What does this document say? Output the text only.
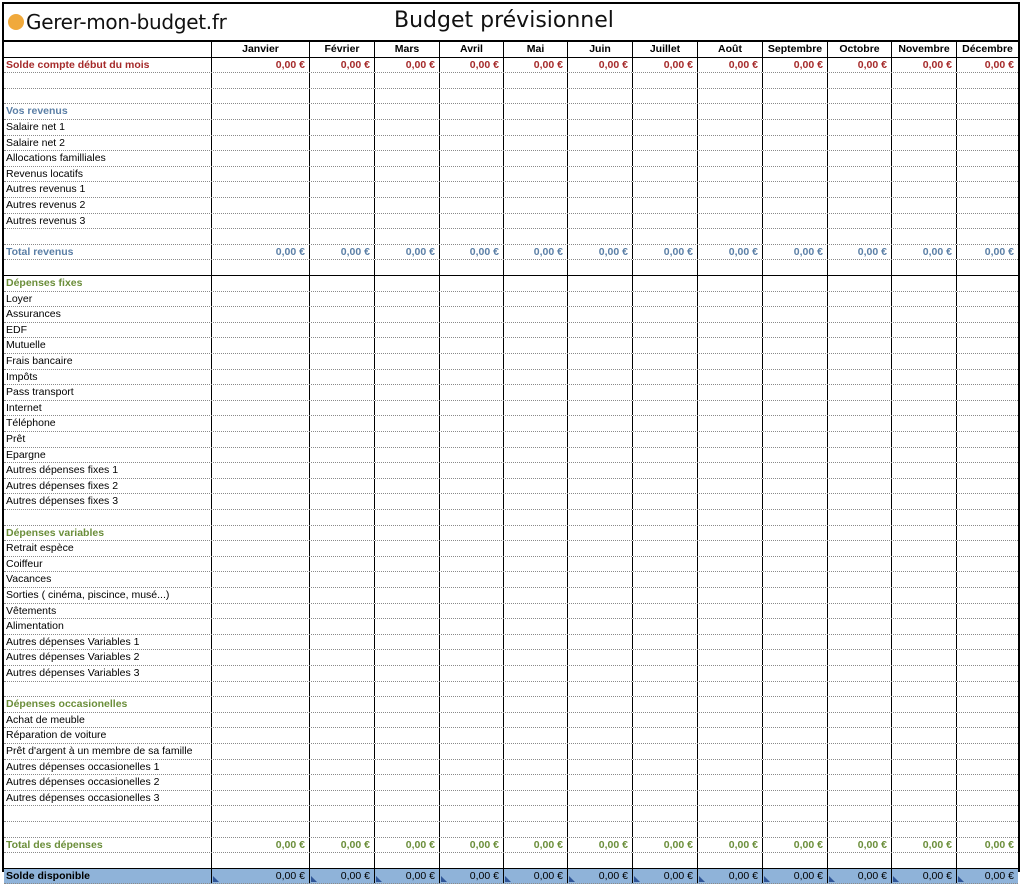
Gerer-mon-budget.fr	Budget prévisionnel
Janvier	Février	Mars	Avril	Mai	Juin	Juillet	Août	Septembre	Octobre	Novembre	Décembre
Solde compte début du mois	0,00 €	0,00 €	0,00 €	0,00 €	0,00 €	0,00 €	0,00 €	0,00 €	0,00 €	0,00 €	0,00 €	0,00 €
Vos revenus
Salaire net 1
Salaire net 2
Allocations familliales
Revenus locatifs
Autres revenus 1
Autres revenus 2
Autres revenus 3
Total revenus	0,00 €	0,00 €	0,00 €	0,00 €	0,00 €	0,00 €	0,00 €	0,00 €	0,00 €	0,00 €	0,00 €	0,00 €
Dépenses fixes
Loyer
Assurances
EDF
Mutuelle
Frais bancaire
Impôts
Pass transport
Internet
Téléphone
Prêt
Epargne
Autres dépenses fixes 1
Autres dépenses fixes 2
Autres dépenses fixes 3
Dépenses variables
Retrait espèce
Coiffeur
Vacances
Sorties ( cinéma, piscince, musé...)
Vêtements
Alimentation
Autres dépenses Variables 1
Autres dépenses Variables 2
Autres dépenses Variables 3
Dépenses occasionelles
Achat de meuble
Réparation de voiture
Prêt d'argent à un membre de sa famille
Autres dépenses occasionelles 1
Autres dépenses occasionelles 2
Autres dépenses occasionelles 3
Total des dépenses	0,00 €	0,00 €	0,00 €	0,00 €	0,00 €	0,00 €	0,00 €	0,00 €	0,00 €	0,00 €	0,00 €	0,00 €
Solde disponible	0,00 €	0,00 €	0,00 €	0,00 €	0,00 €	0,00 €	0,00 €	0,00 €	0,00 €	0,00 €	0,00 €	0,00 €
